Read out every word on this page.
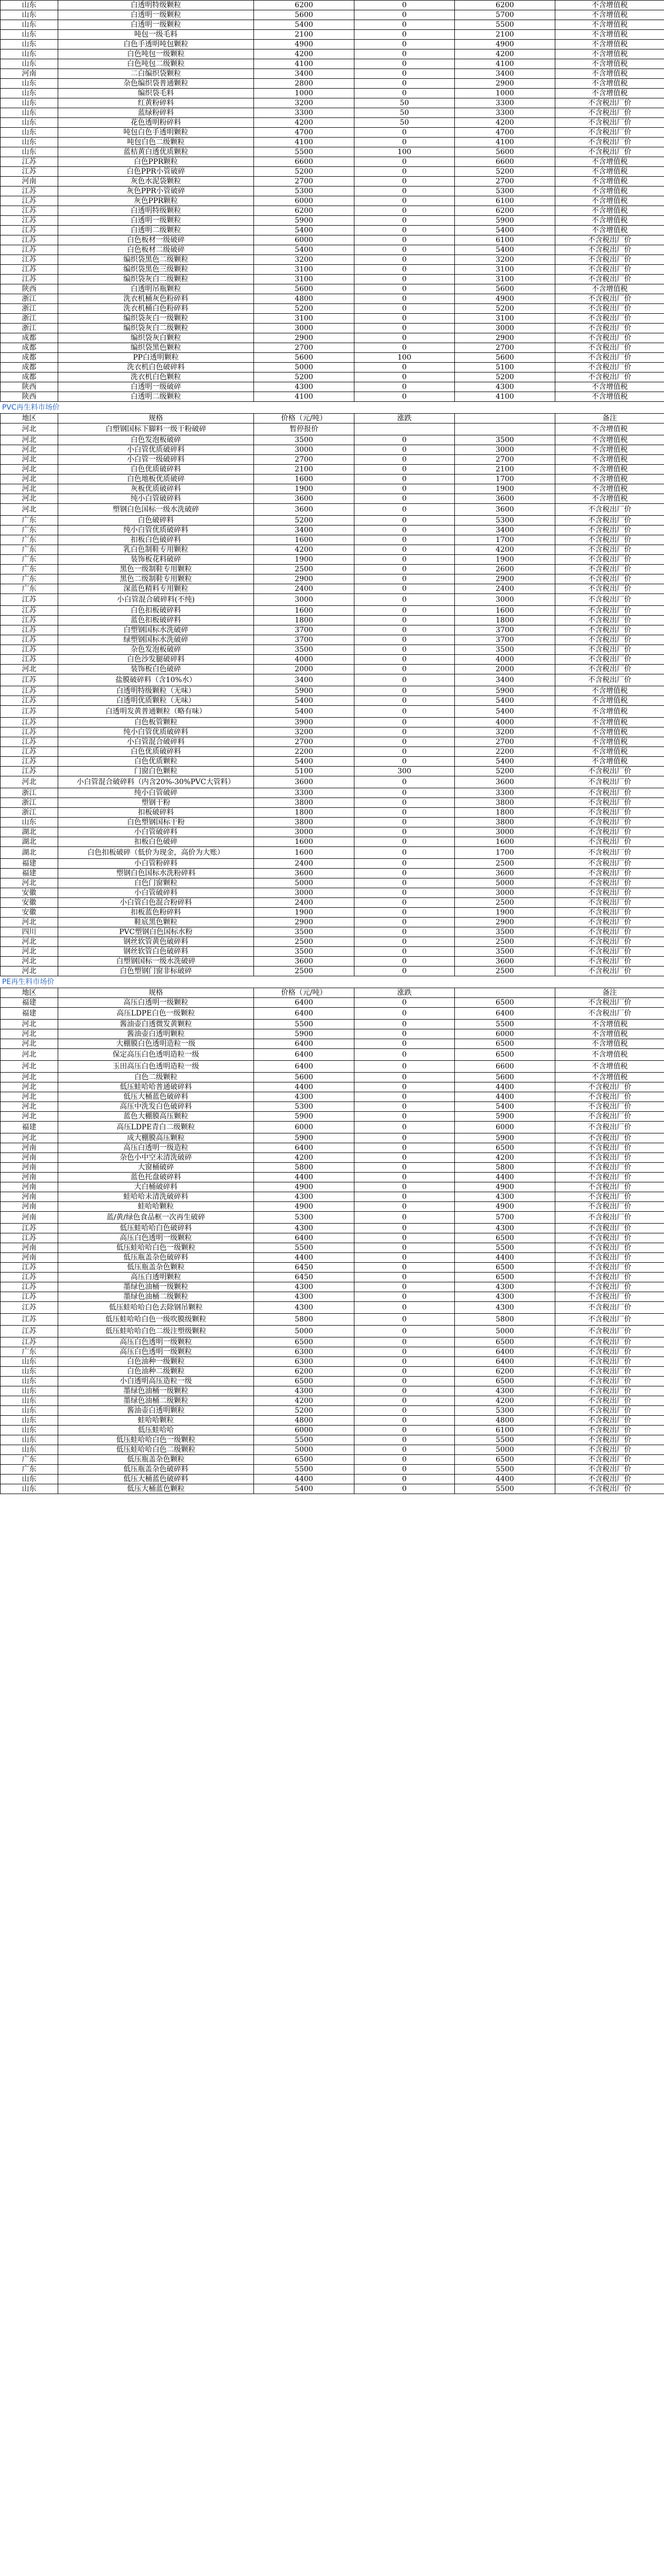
山东	白透明特级颗粒	6200	0	6200	不含增值税
山东	白透明一级颗粒	5600	0	5700	不含增值税
山东	白透明一级颗粒	5400	0	5500	不含增值税
山东	吨包一级毛料	2100	0	2100	不含增值税
山东	白色手透明吨包颗粒	4900	0	4900	不含增值税
山东	白色吨包一级颗粒	4200	0	4200	不含增值税
山东	白色吨包二级颗粒	4100	0	4100	不含增值税
河南	二白编织袋颗粒	3400	0	3400	不含增值税
山东	杂色编织袋普通颗粒	2800	0	2900	不含增值税
山东	编织袋毛料	1000	0	1000	不含增值税
山东	红黄粉碎料	3200	50	3300	不含税出厂价
山东	蓝绿粉碎料	3300	50	3300	不含税出厂价
山东	花色透明粉碎料	4200	50	4200	不含税出厂价
山东	吨包白色手透明颗粒	4700	0	4700	不含税出厂价
山东	吨包白色二级颗粒	4100	0	4100	不含税出厂价
山东	蓝桔黄白透优质颗粒	5500	100	5600	不含税出厂价
江苏	白色PPR颗粒	6600	0	6600	不含增值税
江苏	白色PPR小管破碎	5200	0	5200	不含增值税
河南	灰色水泥袋颗粒	2700	0	2700	不含增值税
江苏	灰色PPR小管破碎	5300	0	5300	不含增值税
江苏	灰色PPR颗粒	6000	0	6100	不含增值税
江苏	白透明特级颗粒	6200	0	6200	不含增值税
江苏	白透明一级颗粒	5900	0	5900	不含增值税
江苏	白透明二级颗粒	5400	0	5400	不含增值税
江苏	白色板材一级破碎	6000	0	6100	不含税出厂价
江苏	白色板材二级破碎	5400	0	5400	不含税出厂价
江苏	编织袋黑色二级颗粒	3200	0	3200	不含税出厂价
江苏	编织袋黑色三级颗粒	3100	0	3100	不含税出厂价
江苏	编织袋灰白二级颗粒	3100	0	3100	不含税出厂价
陕西	白透明吊瓶颗粒	5600	0	5600	不含增值税
浙江	洗衣机桶灰色粉碎料	4800	0	4900	不含税出厂价
浙江	洗衣机桶白色粉碎料	5200	0	5200	不含税出厂价
浙江	编织袋灰白一级颗粒	3100	0	3100	不含税出厂价
浙江	编织袋灰白二级颗粒	3000	0	3000	不含税出厂价
成都	编织袋灰白颗粒	2900	0	2900	不含税出厂价
成都	编织袋黑色颗粒	2700	0	2700	不含税出厂价
成都	PP白透明颗粒	5600	100	5600	不含税出厂价
成都	洗衣机白色破碎料	5000	0	5100	不含税出厂价
成都	洗衣机白色颗粒	5200	0	5200	不含税出厂价
陕西	白透明一级破碎	4300	0	4300	不含增值税
陕西	白透明二级颗粒	4100	0	4100	不含增值税
PVC再生料市场价
地区	规格	价格（元/吨）	涨跌		备注
河北	白塑钢国标下脚料一级干粉破碎	暂停报价			不含增值税
河北	白色发泡板破碎	3500	0	3500	不含增值税
河北	小白管优质破碎料	3000	0	3000	不含增值税
河北	小白管一级破碎料	2700	0	2700	不含增值税
河北	白色优质破碎料	2100	0	2100	不含增值税
河北	白色地板优质破碎	1600	0	1700	不含增值税
河北	灰板优质破碎料	1900	0	1900	不含增值税
河北	纯小白管破碎料	3600	0	3600	不含增值税
河北	塑钢白色国标一级水洗破碎	3600	0	3600	不含税出厂价
广东	白色破碎料	5200	0	5300	不含税出厂价
广东	纯小白管优质破碎料	3400	0	3400	不含税出厂价
广东	扣板白色破碎料	1600	0	1700	不含税出厂价
广东	乳白色制鞋专用颗粒	4200	0	4200	不含税出厂价
广东	装饰板花料破碎	1900	0	1900	不含税出厂价
广东	黑色一级制鞋专用颗粒	2500	0	2600	不含税出厂价
广东	黑色二级制鞋专用颗粒	2900	0	2900	不含税出厂价
广东	深蓝色精料专用颗粒	2400	0	2400	不含税出厂价
江苏	小白管混合破碎料(不纯)	3000	0	3000	不含税出厂价
江苏	白色扣板破碎料	1600	0	1600	不含税出厂价
江苏	蓝色扣板破碎料	1800	0	1800	不含税出厂价
江苏	白塑钢国标水洗破碎	3700	0	3700	不含税出厂价
江苏	绿塑钢国标水洗破碎	3700	0	3700	不含税出厂价
江苏	杂色发泡板破碎	3500	0	3500	不含税出厂价
江苏	白色沙发腿破碎料	4000	0	4000	不含税出厂价
河北	装饰板白色破碎	2000	0	2000	不含税出厂价
江苏	盐膜破碎料（含10%水）	3400	0	3400	不含税出厂价
江苏	白透明特级颗粒（无味）	5900	0	5900	不含增值税
江苏	白透明优质颗粒（无味）	5400	0	5400	不含增值税
江苏	白透明发黄普通颗粒（略有味）	5400	0	5400	不含增值税
江苏	白色板管颗粒	3900	0	4000	不含增值税
江苏	纯小白管优质破碎料	3200	0	3200	不含增值税
江苏	小白管混合破碎料	2700	0	2700	不含增值税
江苏	白色优质破碎料	2200	0	2200	不含增值税
江苏	白色优质颗粒	5400	0	5400	不含增值税
江苏	门窗白色颗粒	5100	300	5200	不含税出厂价
河北	小白管混合破碎料（内含20%-30%PVC大管料）	3600	0	3600	不含税出厂价
浙江	纯小白管破碎	3300	0	3300	不含税出厂价
浙江	塑钢干粉	3800	0	3800	不含税出厂价
浙江	扣板破碎料	1800	0	1800	不含税出厂价
山东	白色塑钢国标干粉	3800	0	3800	不含税出厂价
湖北	小白管破碎料	3000	0	3000	不含税出厂价
湖北	扣板白色破碎	1600	0	1600	不含税出厂价
湖北	白色扣板破碎（低价为现金，高价为大账）	1600	0	1700	不含税出厂价
福建	小白管粉碎料	2400	0	2500	不含税出厂价
福建	塑钢白色国标水洗粉碎料	3600	0	3600	不含税出厂价
河北	白色门窗颗粒	5000	0	5000	不含税出厂价
安徽	小白管破碎料	3000	0	3000	不含税出厂价
安徽	小白管白色混合粉碎料	2400	0	2500	不含税出厂价
安徽	扣板蓝色粉碎料	1900	0	1900	不含税出厂价
河北	鞋底黑色颗粒	2900	0	2900	不含税出厂价
四川	PVC塑钢白色国标水粉	3500	0	3500	不含税出厂价
河北	钢丝软管黄色破碎料	2500	0	2500	不含税出厂价
河北	钢丝软管白色破碎料	3500	0	3500	不含税出厂价
河北	白塑钢国标一级水洗破碎	3600	0	3600	不含税出厂价
河北	白色塑钢门窗非标破碎	2500	0	2500	不含税出厂价
PE再生料市场价
地区	规格	价格（元/吨）	涨跌		备注
福建	高压白透明一级颗粒	6400	0	6500	不含税出厂价
福建	高压LDPE白色一级颗粒	6400	0	6400	不含税出厂价
河北	酱油壶白透微发黄颗粒	5500	0	5500	不含增值税
河北	酱油壶白透明颗粒	5900	0	6000	不含增值税
河北	大棚膜白色透明造粒一级	6400	0	6500	不含增值税
河北	保定高压白色透明造粒一级	6400	0	6500	不含增值税
河北	玉田高压白色透明造粒一级	6400	0	6600	不含增值税
河北	白色二级颗粒	5600	0	5600	不含增值税
河北	低压蛙哈哈普通破碎料	4400	0	4400	不含税出厂价
河北	低压大桶蓝色破碎料	4300	0	4400	不含税出厂价
河北	高压中洗发白色破碎料	5300	0	5400	不含税出厂价
河北	蓝色大棚膜高压颗粒	5900	0	5900	不含税出厂价
福建	高压LDPE青白二级颗粒	6000	0	6000	不含税出厂价
河北	成大棚膜高压颗粒	5900	0	5900	不含税出厂价
河南	高压白透明一级造粒	6400	0	6500	不含税出厂价
河南	杂色小中空未清洗破碎	4200	0	4200	不含税出厂价
河南	大窗桶破碎	5800	0	5800	不含税出厂价
河南	蓝色托盘破碎料	4400	0	4400	不含税出厂价
河南	大白桶破碎料	4900	0	4900	不含税出厂价
河南	蛙哈哈未清洗破碎料	4300	0	4300	不含税出厂价
河南	蛙哈哈颗粒	4900	0	4900	不含税出厂价
河南	蓝/黄/绿色食品框一次再生破碎	5300	0	5700	不含税出厂价
江苏	低压蛙哈哈白色破碎料	4300	0	4300	不含税出厂价
江苏	高压白色透明一级颗粒	6400	0	6500	不含税出厂价
河南	低压蛙哈哈白色一级颗粒	5500	0	5500	不含税出厂价
河南	低压瓶盖杂色破碎料	4400	0	4400	不含税出厂价
江苏	低压瓶盖杂色颗粒	6450	0	6500	不含税出厂价
江苏	高压白透明颗粒	6450	0	6500	不含税出厂价
江苏	墨绿色油桶一级颗粒	4300	0	4300	不含税出厂价
江苏	墨绿色油桶二级颗粒	4300	0	4300	不含税出厂价
江苏	低压蛙哈哈白色去除钢吊颗粒	4300	0	4300	不含税出厂价
江苏	低压蛙哈哈白色一级吹膜级颗粒	5800	0	5800	不含税出厂价
江苏	低压蛙哈哈白色二级注塑级颗粒	5000	0	5000	不含税出厂价
江苏	高压白色透明一级颗粒	6500	0	6500	不含税出厂价
广东	高压白色透明一级颗粒	6300	0	6400	不含税出厂价
山东	白色油种一级颗粒	6300	0	6400	不含税出厂价
山东	白色油种二级颗粒	6200	0	6200	不含税出厂价
山东	小白透明高压造粒一级	6500	0	6500	不含税出厂价
山东	墨绿色油桶一级颗粒	4300	0	4300	不含税出厂价
山东	墨绿色油桶二级颗粒	4200	0	4200	不含税出厂价
山东	酱油壶白透明颗粒	5200	0	5300	不含税出厂价
山东	蛙哈哈颗粒	4800	0	4800	不含税出厂价
山东	低压蛙哈哈	6000	0	6100	不含税出厂价
山东	低压蛙哈哈白色一级颗粒	5500	0	5500	不含税出厂价
山东	低压蛙哈哈白色二级颗粒	5000	0	5000	不含税出厂价
广东	低压瓶盖杂色颗粒	6500	0	6500	不含税出厂价
广东	低压瓶盖杂色破碎料	5500	0	5500	不含税出厂价
山东	低压大桶蓝色破碎料	4400	0	4400	不含税出厂价
山东	低压大桶蓝色颗粒	5400	0	5500	不含税出厂价
